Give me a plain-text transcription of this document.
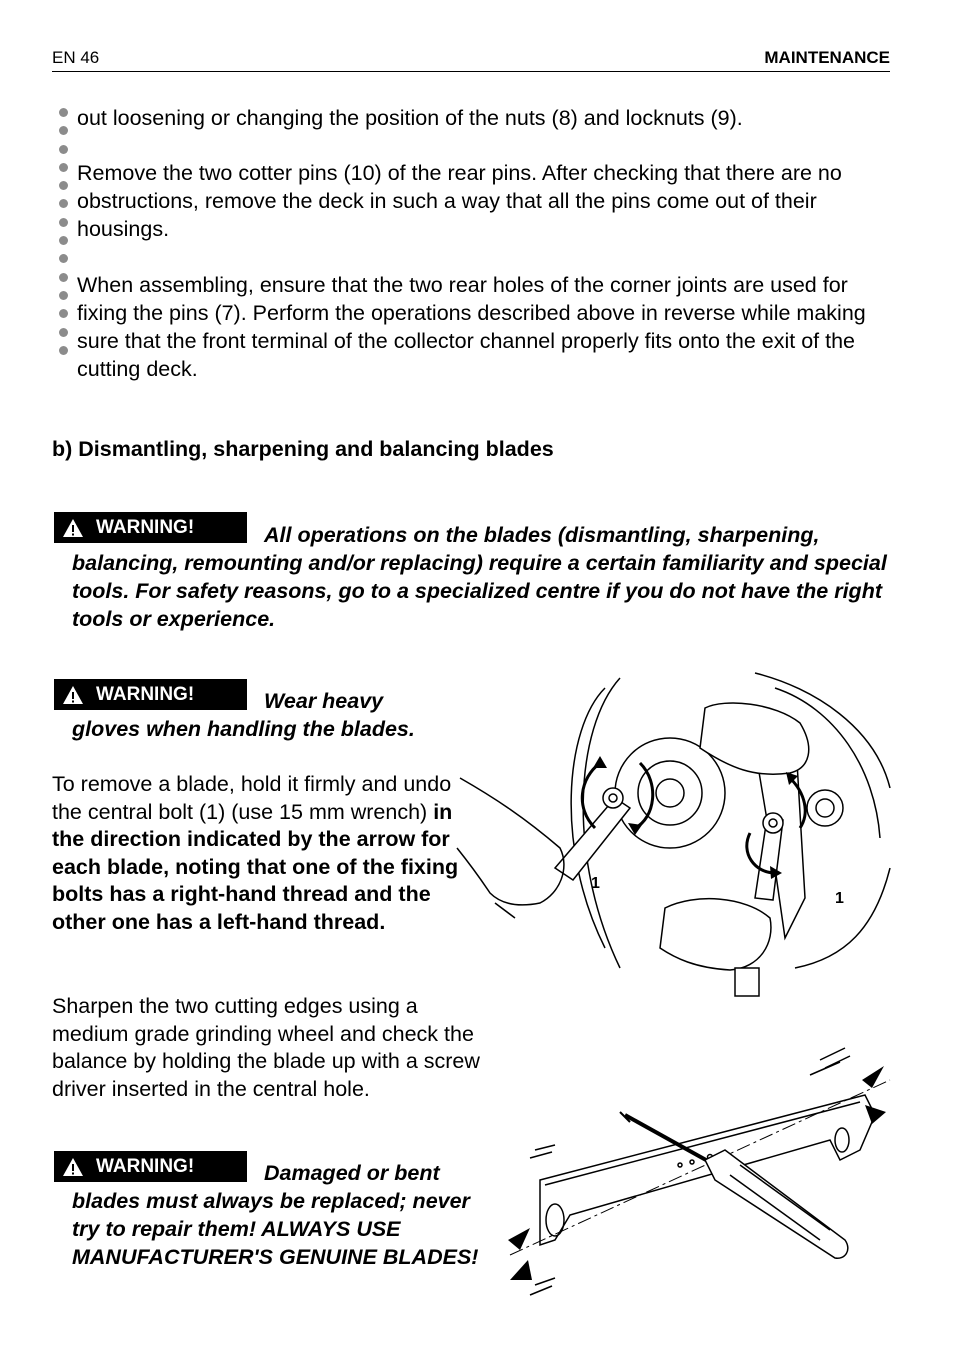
EN 46	MAINTENANCE
out loosening or changing the position of the nuts (8) and locknuts (9).
Remove the two cotter pins (10) of the rear pins. After checking that there are no obstructions, remove the deck in such a way that all the pins come out of their housings.
When assembling, ensure that the two rear holes of the corner joints are used for fixing the pins (7). Perform the operations described above in reverse while making sure that the front terminal of the collector channel properly fits onto the exit of the cutting deck.
b) Dismantling, sharpening and balancing blades
WARNING!	All operations on the blades (dismantling, sharpening,
balancing, remounting and/or replacing) require a certain familiarity and special tools. For safety reasons, go to a specialized centre if you do not have the right tools or experience.
WARNING!	Wear heavy
gloves when handling the blades.
To remove a blade, hold it firmly and undo the central bolt (1) (use 15 mm wrench) in the direction indicated by the arrow for each blade, noting that one of the fixing bolts has a right-hand thread and the other one has a left-hand thread.
Sharpen the two cutting edges using a medium grade grinding wheel and check the balance by holding the blade up with a screw driver inserted in the central hole.
WARNING!	Damaged or bent
blades must always be replaced; never try to repair them! ALWAYS USE MANUFACTURER'S GENUINE BLADES!
1
1
